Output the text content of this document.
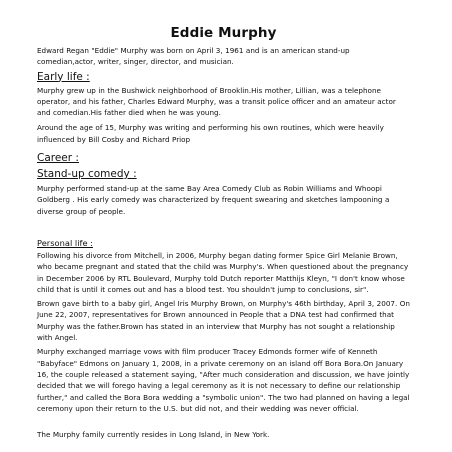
Eddie Murphy

Edward Regan "Eddie" Murphy was born on April 3, 1961 and is an american stand-up comedian,actor, writer, singer, director, and musician.

Early life :

Murphy grew up in the Bushwick neighborhood of Brooklin.His mother, Lillian, was a telephone operator, and his father, Charles Edward Murphy, was a transit police officer and an amateur actor and comedian.His father died when he was young.

Around the age of 15, Murphy was writing and performing his own routines, which were heavily influenced by Bill Cosby and Richard Priop

Career :
Stand-up comedy :

Murphy performed stand-up at the same Bay Area Comedy Club as Robin Williams and Whoopi Goldberg . His early comedy was characterized by frequent swearing and sketches lampooning a diverse group of people.

Personal life :

Following his divorce from Mitchell, in 2006, Murphy began dating former Spice Girl Melanie Brown, who became pregnant and stated that the child was Murphy's. When questioned about the pregnancy in December 2006 by RTL Boulevard, Murphy told Dutch reporter Matthijs Kleyn, "I don't know whose child that is until it comes out and has a blood test. You shouldn't jump to conclusions, sir".

Brown gave birth to a baby girl, Angel Iris Murphy Brown, on Murphy's 46th birthday, April 3, 2007. On June 22, 2007, representatives for Brown announced in People that a DNA test had confirmed that Murphy was the father.Brown has stated in an interview that Murphy has not sought a relationship with Angel.

Murphy exchanged marriage vows with film producer Tracey Edmonds former wife of Kenneth "Babyface" Edmons on January 1, 2008, in a private ceremony on an island off Bora Bora.On January 16, the couple released a statement saying, "After much consideration and discussion, we have jointly decided that we will forego having a legal ceremony as it is not necessary to define our relationship further," and called the Bora Bora wedding a "symbolic union". The two had planned on having a legal ceremony upon their return to the U.S. but did not, and their wedding was never official.

The Murphy family currently resides in Long Island, in New York.
